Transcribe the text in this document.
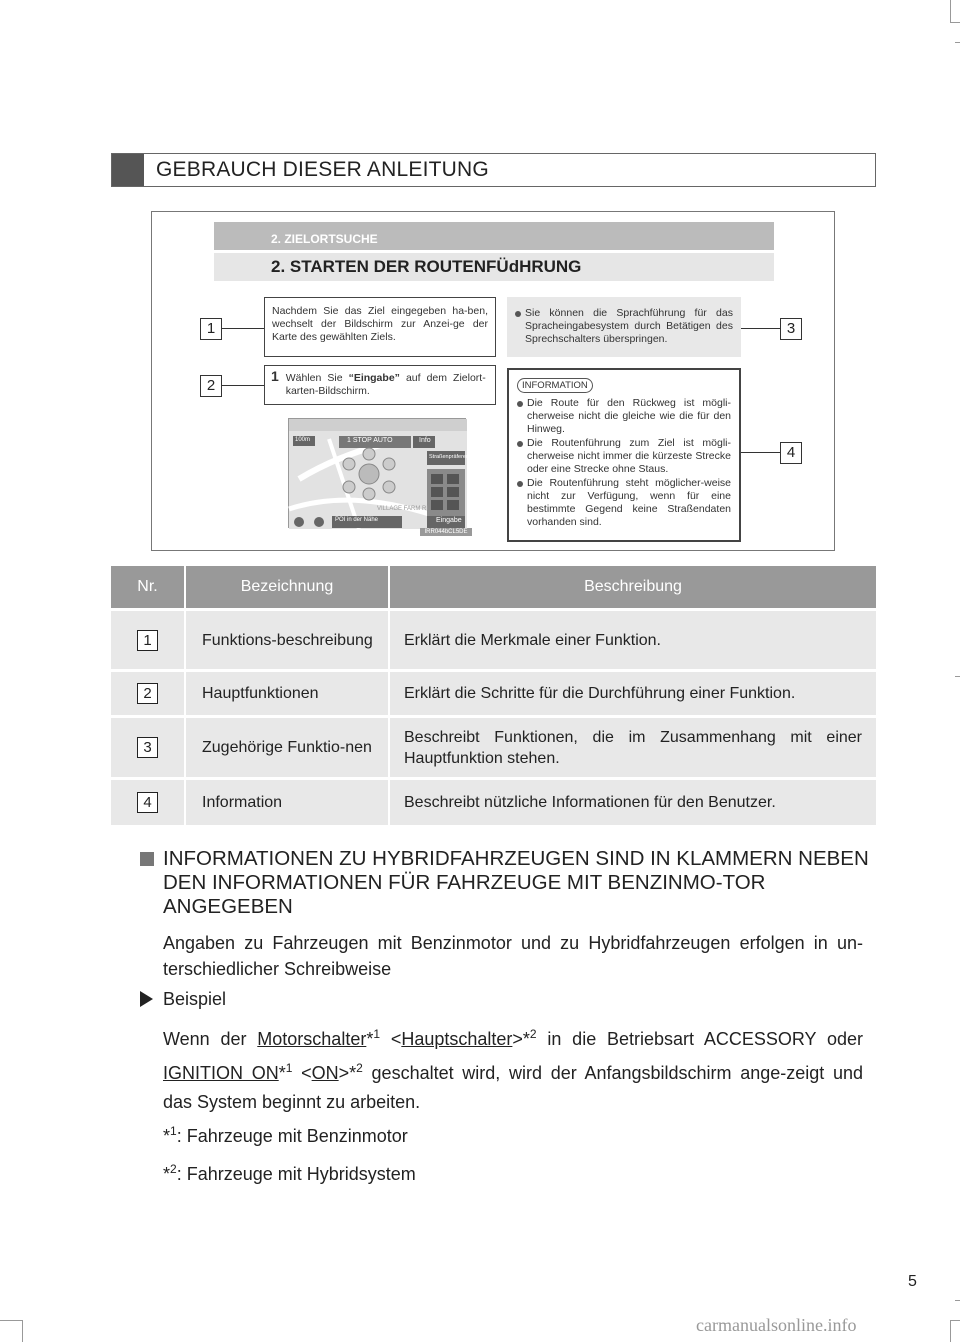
GEBRAUCH DIESER ANLEITUNG
2. ZIELORTSUCHE
2. STARTEN DER ROUTENFÜdHRUNG
1
2
3
4
Nachdem Sie das Ziel eingegeben ha-ben, wechselt der Bildschirm zur Anzei-ge der Karte des gewählten Ziels.
Sie können die Sprachführung für das Spracheingabesystem durch Betätigen des Sprechschalters überspringen.
1 Wählen Sie “Eingabe” auf dem Zielort-karten-Bildschirm.	INFORMATION
Die Route für den Rückweg ist mögli-cherweise nicht die gleiche wie die für den Hinweg.
Die Routenführung zum Ziel ist mögli-cherweise nicht immer die kürzeste Strecke oder eine Strecke ohne Staus.
Die Routenführung steht möglicher-weise nicht zur Verfügung, wenn für eine bestimmte Gegend keine Straßendaten vorhanden sind.
100m	1 STOP AUTO	Info
Straßenpräferenz
POI in der Nähe	Eingabe
VILLAGE FARM RI
IRR044bCL5DE
Nr.	Bezeichnung	Beschreibung
1	Funktions-beschreibung	Erklärt die Merkmale einer Funktion.
2	Hauptfunktionen	Erklärt die Schritte für die Durchführung einer Funktion.
3	Zugehörige Funktio-nen	Beschreibt Funktionen, die im Zusammenhang mit einer Hauptfunktion stehen.
4	Information	Beschreibt nützliche Informationen für den Benutzer.
INFORMATIONEN ZU HYBRIDFAHRZEUGEN SIND IN KLAMMERN NEBEN DEN INFORMATIONEN FÜR FAHRZEUGE MIT BENZINMO-TOR ANGEGEBEN
Angaben zu Fahrzeugen mit Benzinmotor und zu Hybridfahrzeugen erfolgen in un-terschiedlicher Schreibweise
Beispiel
Wenn der Motorschalter*$^1$ <Hauptschalter>*$^2$ in die Betriebsart ACCESSORY oder IGNITION ON*$^1$ <ON>*$^2$ geschaltet wird, wird der Anfangsbildschirm ange-zeigt und das System beginnt zu arbeiten.
*$^1$: Fahrzeuge mit Benzinmotor
*$^2$: Fahrzeuge mit Hybridsystem
5
carmanualsonline.info
